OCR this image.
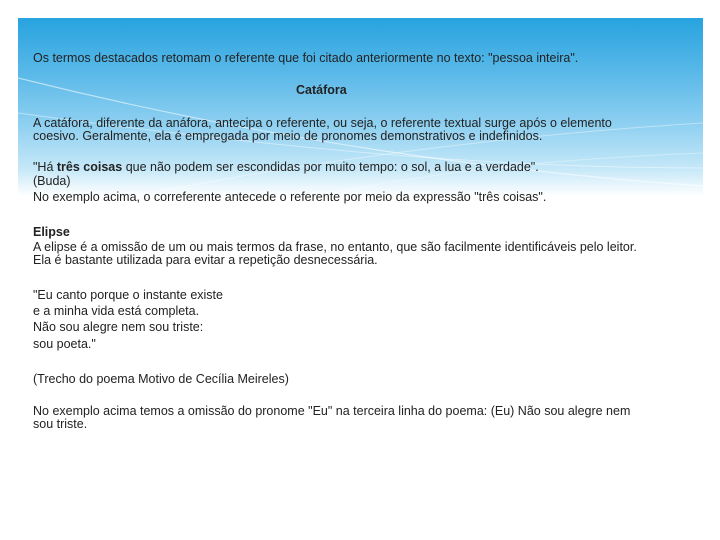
Os termos destacados retomam o referente que foi citado anteriormente no texto: "pessoa inteira".
Catáfora
A catáfora, diferente da anáfora, antecipa o referente, ou seja, o referente textual surge após o elemento coesivo. Geralmente, ela é empregada por meio de pronomes demonstrativos e indefinidos.
"Há três coisas que não podem ser escondidas por muito tempo: o sol, a lua e a verdade".
(Buda)
No exemplo acima, o correferente antecede o referente por meio da expressão "três coisas".
Elipse
A elipse é a omissão de um ou mais termos da frase, no entanto, que são facilmente identificáveis pelo leitor. Ela é bastante utilizada para evitar a repetição desnecessária.
"Eu canto porque o instante existe
e a minha vida está completa.
Não sou alegre nem sou triste:
sou poeta."
(Trecho do poema Motivo de Cecília Meireles)
No exemplo acima temos a omissão do pronome "Eu" na terceira linha do poema: (Eu) Não sou alegre nem sou triste.
